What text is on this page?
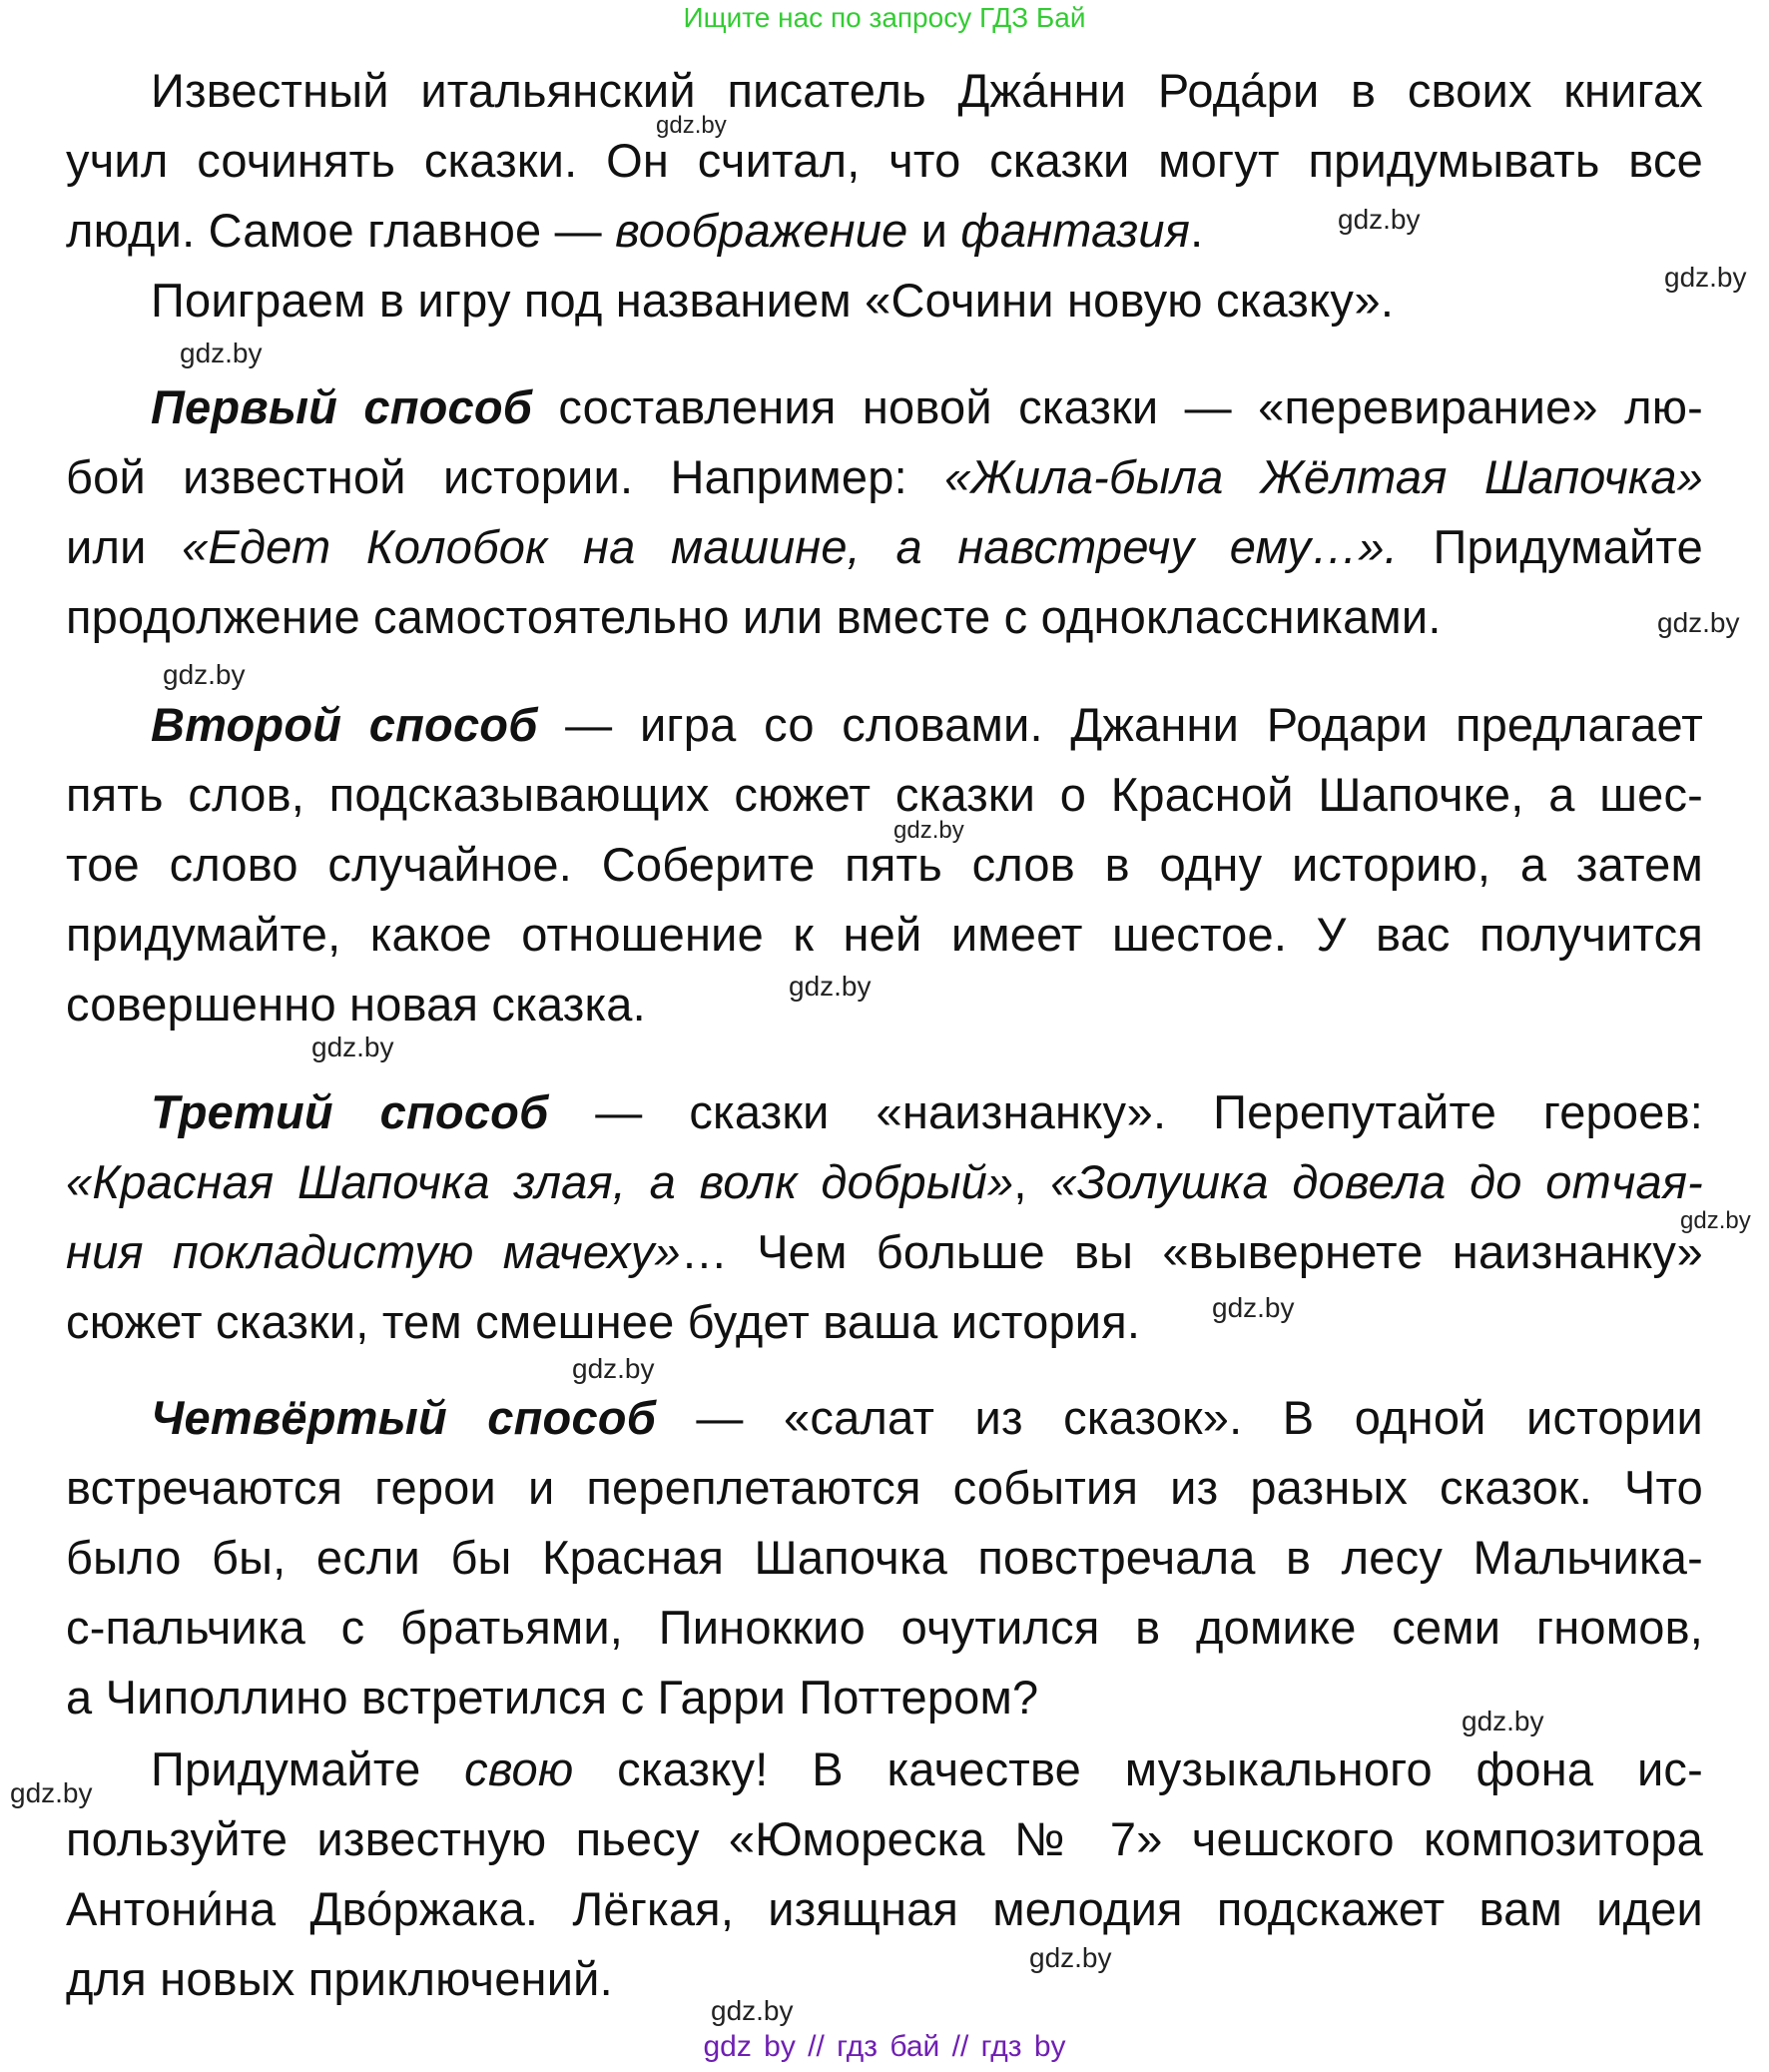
Ищите нас по запросу ГДЗ Бай
Известный итальянский писатель Джа́нни Рода́ри в своих книгах
учил сочинять сказки. Он считал, что сказки могут придумывать все
люди. Самое главное — воображение и фантазия.
Поиграем в игру под названием «Сочини новую сказку».
Первый способ составления новой сказки — «перевирание» лю-
бой известной истории. Например: «Жила-была Жёлтая Шапочка»
или «Едет Колобок на машине, а навстречу ему…». Придумайте
продолжение самостоятельно или вместе с одноклассниками.
Второй способ — игра со словами. Джанни Родари предлагает
пять слов, подсказывающих сюжет сказки о Красной Шапочке, а шес-
тое слово случайное. Соберите пять слов в одну историю, а затем
придумайте, какое отношение к ней имеет шестое. У вас получится
совершенно новая сказка.
Третий способ — сказки «наизнанку». Перепутайте героев:
«Красная Шапочка злая, а волк добрый», «Золушка довела до отчая-
ния покладистую мачеху»… Чем больше вы «вывернете наизнанку»
сюжет сказки, тем смешнее будет ваша история.
Четвёртый способ — «салат из сказок». В одной истории
встречаются герои и переплетаются события из разных сказок. Что
было бы, если бы Красная Шапочка повстречала в лесу Мальчика-
с-пальчика с братьями, Пиноккио очутился в домике семи гномов,
а Чиполлино встретился с Гарри Поттером?
Придумайте свою сказку! В качестве музыкального фона ис-
пользуйте известную пьесу «Юмореска № 7» чешского композитора
Антони́на Дво́ржака. Лёгкая, изящная мелодия подскажет вам идеи
для новых приключений.
gdz.by
gdz.by
gdz.by
gdz.by
gdz.by
gdz.by
gdz.by
gdz.by
gdz.by
gdz.by
gdz.by
gdz.by
gdz.by
gdz.by
gdz.by
gdz.by
gdz by // гдз бай // гдз by
